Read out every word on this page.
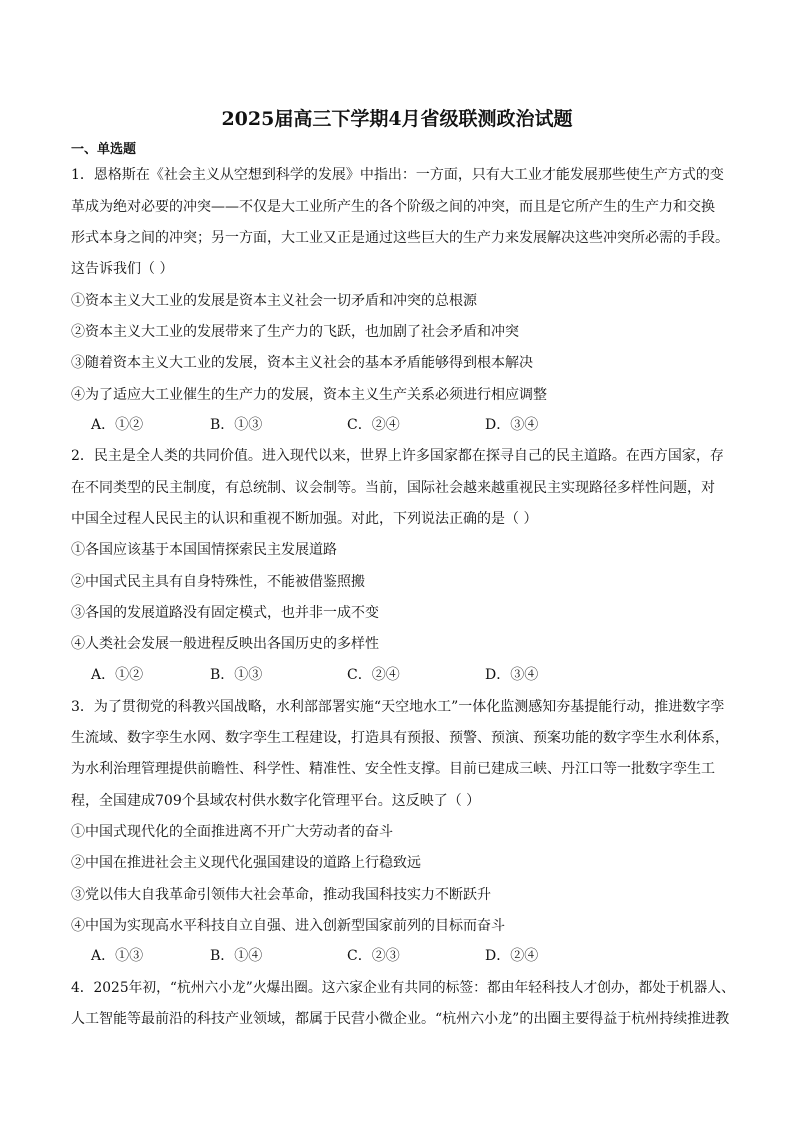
2025届高三下学期4月省级联测政治试题
一、单选题
1．恩格斯在《社会主义从空想到科学的发展》中指出：一方面，只有大工业才能发展那些使生产方式的变
革成为绝对必要的冲突——不仅是大工业所产生的各个阶级之间的冲突，而且是它所产生的生产力和交换
形式本身之间的冲突；另一方面，大工业又正是通过这些巨大的生产力来发展解决这些冲突所必需的手段。
这告诉我们（ ）
①资本主义大工业的发展是资本主义社会一切矛盾和冲突的总根源
②资本主义大工业的发展带来了生产力的飞跃，也加剧了社会矛盾和冲突
③随着资本主义大工业的发展，资本主义社会的基本矛盾能够得到根本解决
④为了适应大工业催生的生产力的发展，资本主义生产关系必须进行相应调整
A．①②	B．①③	C．②④	D．③④
2．民主是全人类的共同价值。进入现代以来，世界上许多国家都在探寻自己的民主道路。在西方国家，存
在不同类型的民主制度，有总统制、议会制等。当前，国际社会越来越重视民主实现路径多样性问题，对
中国全过程人民民主的认识和重视不断加强。对此，下列说法正确的是（ ）
①各国应该基于本国国情探索民主发展道路
②中国式民主具有自身特殊性，不能被借鉴照搬
③各国的发展道路没有固定模式，也并非一成不变
④人类社会发展一般进程反映出各国历史的多样性
A．①②	B．①③	C．②④	D．③④
3．为了贯彻党的科教兴国战略，水利部部署实施“天空地水工”一体化监测感知夯基提能行动，推进数字孪
生流域、数字孪生水网、数字孪生工程建设，打造具有预报、预警、预演、预案功能的数字孪生水利体系，
为水利治理管理提供前瞻性、科学性、精准性、安全性支撑。目前已建成三峡、丹江口等一批数字孪生工
程，全国建成709个县域农村供水数字化管理平台。这反映了（ ）
①中国式现代化的全面推进离不开广大劳动者的奋斗
②中国在推进社会主义现代化强国建设的道路上行稳致远
③党以伟大自我革命引领伟大社会革命，推动我国科技实力不断跃升
④中国为实现高水平科技自立自强、进入创新型国家前列的目标而奋斗
A．①③	B．①④	C．②③	D．②④
4．2025年初，“杭州六小龙”火爆出圈。这六家企业有共同的标签：都由年轻科技人才创办，都处于机器人、
人工智能等最前沿的科技产业领域，都属于民营小微企业。“杭州六小龙”的出圈主要得益于杭州持续推进教
